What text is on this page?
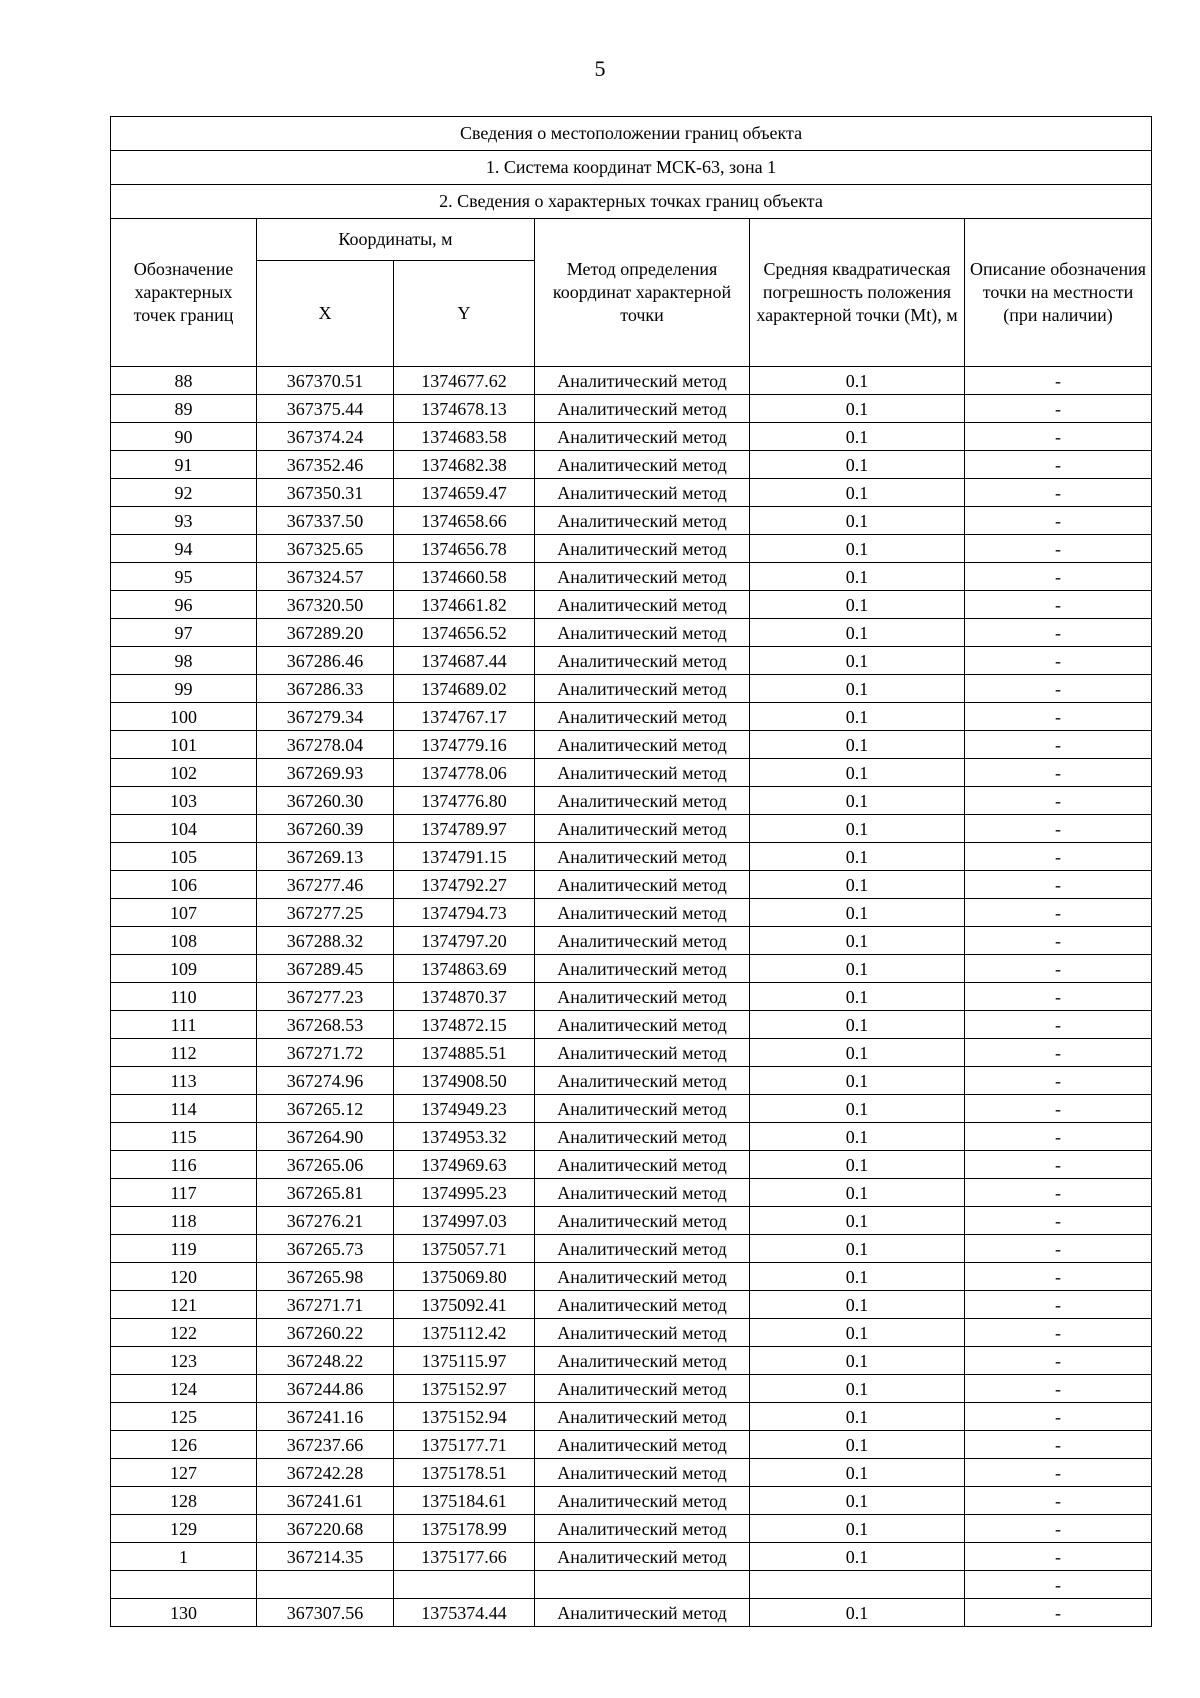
5
Сведения о местоположении границ объекта					
1. Система координат МСК-63, зона 1					
2. Сведения о характерных точках границ объекта					
Обозначение характерных точек границ	Координаты, м		Метод определения координат характерной точки	Средняя квадратическая погрешность положения характерной точки (Mt), м	Описание обозначения точки на местности (при наличии)
	X	Y			
88	367370.51	1374677.62	Аналитический метод	0.1	-
89	367375.44	1374678.13	Аналитический метод	0.1	-
90	367374.24	1374683.58	Аналитический метод	0.1	-
91	367352.46	1374682.38	Аналитический метод	0.1	-
92	367350.31	1374659.47	Аналитический метод	0.1	-
93	367337.50	1374658.66	Аналитический метод	0.1	-
94	367325.65	1374656.78	Аналитический метод	0.1	-
95	367324.57	1374660.58	Аналитический метод	0.1	-
96	367320.50	1374661.82	Аналитический метод	0.1	-
97	367289.20	1374656.52	Аналитический метод	0.1	-
98	367286.46	1374687.44	Аналитический метод	0.1	-
99	367286.33	1374689.02	Аналитический метод	0.1	-
100	367279.34	1374767.17	Аналитический метод	0.1	-
101	367278.04	1374779.16	Аналитический метод	0.1	-
102	367269.93	1374778.06	Аналитический метод	0.1	-
103	367260.30	1374776.80	Аналитический метод	0.1	-
104	367260.39	1374789.97	Аналитический метод	0.1	-
105	367269.13	1374791.15	Аналитический метод	0.1	-
106	367277.46	1374792.27	Аналитический метод	0.1	-
107	367277.25	1374794.73	Аналитический метод	0.1	-
108	367288.32	1374797.20	Аналитический метод	0.1	-
109	367289.45	1374863.69	Аналитический метод	0.1	-
110	367277.23	1374870.37	Аналитический метод	0.1	-
111	367268.53	1374872.15	Аналитический метод	0.1	-
112	367271.72	1374885.51	Аналитический метод	0.1	-
113	367274.96	1374908.50	Аналитический метод	0.1	-
114	367265.12	1374949.23	Аналитический метод	0.1	-
115	367264.90	1374953.32	Аналитический метод	0.1	-
116	367265.06	1374969.63	Аналитический метод	0.1	-
117	367265.81	1374995.23	Аналитический метод	0.1	-
118	367276.21	1374997.03	Аналитический метод	0.1	-
119	367265.73	1375057.71	Аналитический метод	0.1	-
120	367265.98	1375069.80	Аналитический метод	0.1	-
121	367271.71	1375092.41	Аналитический метод	0.1	-
122	367260.22	1375112.42	Аналитический метод	0.1	-
123	367248.22	1375115.97	Аналитический метод	0.1	-
124	367244.86	1375152.97	Аналитический метод	0.1	-
125	367241.16	1375152.94	Аналитический метод	0.1	-
126	367237.66	1375177.71	Аналитический метод	0.1	-
127	367242.28	1375178.51	Аналитический метод	0.1	-
128	367241.61	1375184.61	Аналитический метод	0.1	-
129	367220.68	1375178.99	Аналитический метод	0.1	-
1	367214.35	1375177.66	Аналитический метод	0.1	-
					-
130	367307.56	1375374.44	Аналитический метод	0.1	-
